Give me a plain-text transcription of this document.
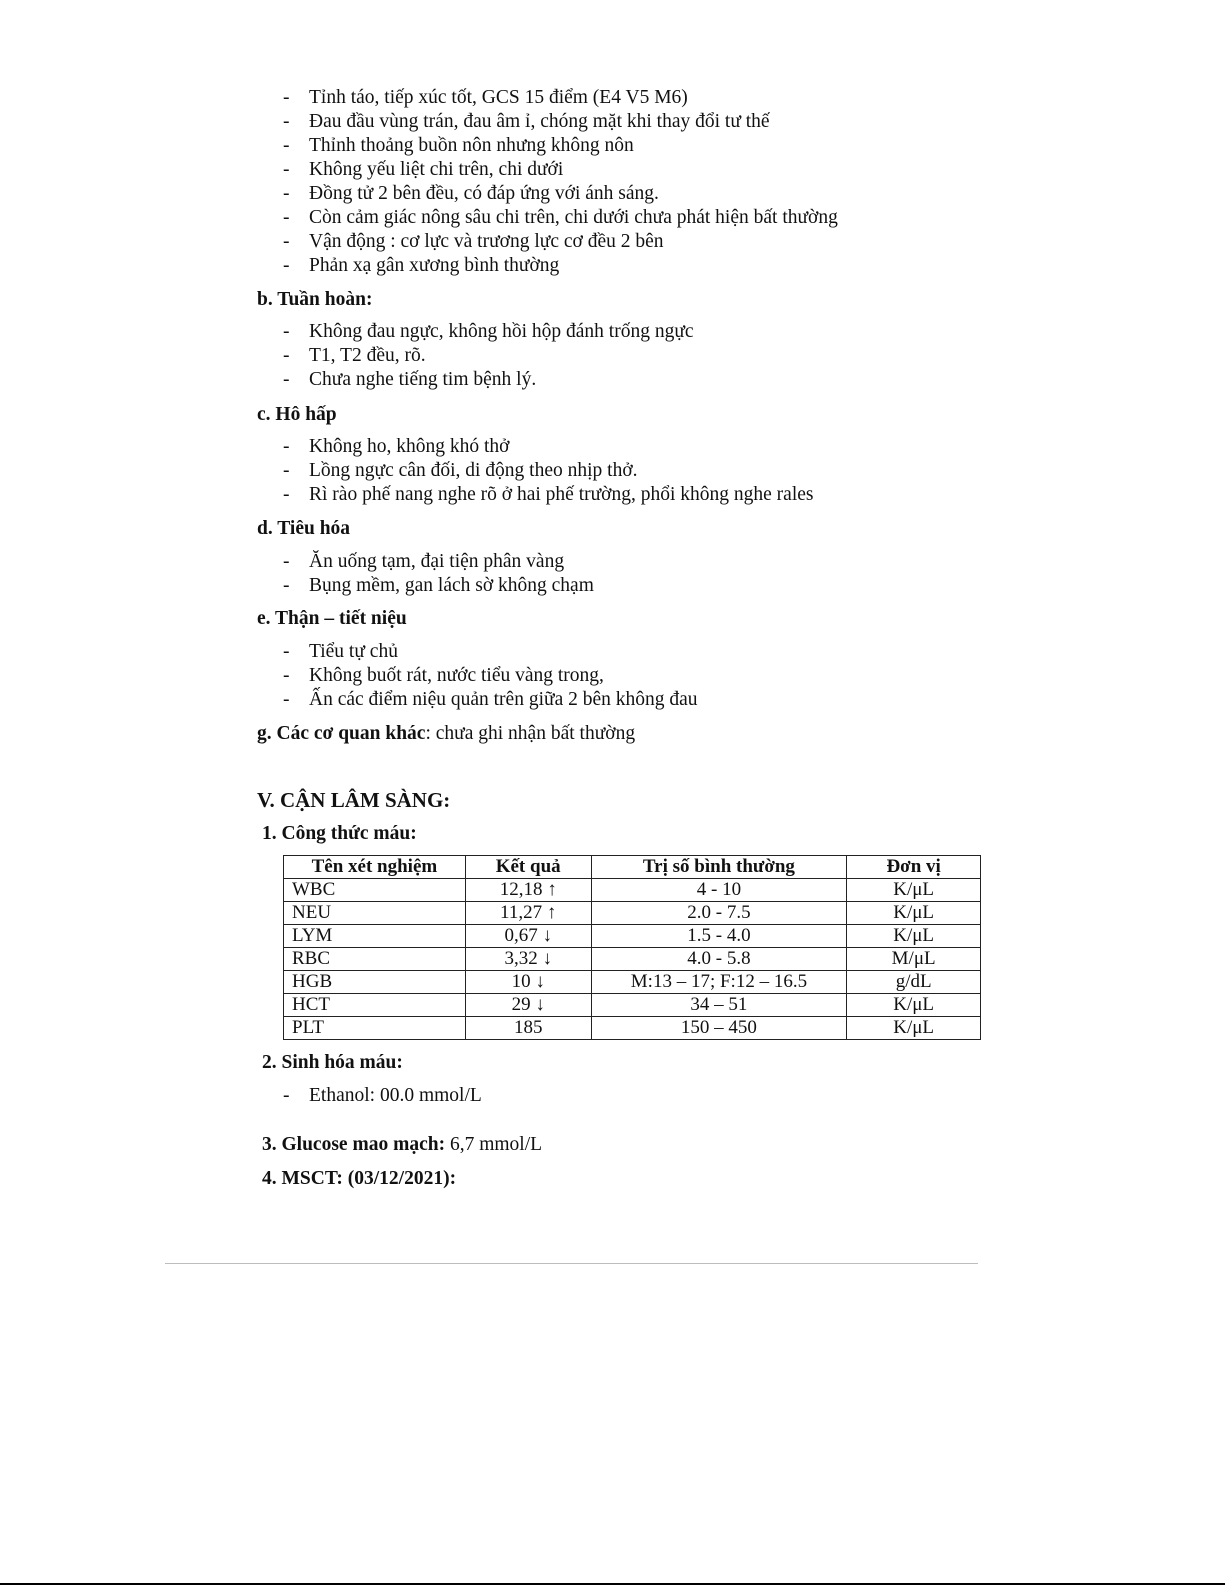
- Tỉnh táo, tiếp xúc tốt, GCS 15 điểm (E4 V5 M6)
- Đau đầu vùng trán, đau âm ỉ, chóng mặt khi thay đổi tư thế
- Thỉnh thoảng buồn nôn nhưng không nôn
- Không yếu liệt chi trên, chi dưới
- Đồng tử 2 bên đều, có đáp ứng với ánh sáng.
- Còn cảm giác nông sâu chi trên, chi dưới chưa phát hiện bất thường
- Vận động : cơ lực và trương lực cơ đều 2 bên
- Phản xạ gân xương bình thường
b. Tuần hoàn:
- Không đau ngực, không hồi hộp đánh trống ngực
- T1, T2 đều, rõ.
- Chưa nghe tiếng tim bệnh lý.
c. Hô hấp
- Không ho, không khó thở
- Lồng ngực cân đối, di động theo nhịp thở.
- Rì rào phế nang nghe rõ ở hai phế trường, phổi không nghe rales
d. Tiêu hóa
- Ăn uống tạm, đại tiện phân vàng
- Bụng mềm, gan lách sờ không chạm
e. Thận – tiết niệu
- Tiểu tự chủ
- Không buốt rát, nước tiểu vàng trong,
- Ấn các điểm niệu quản trên giữa 2 bên không đau
g. Các cơ quan khác: chưa ghi nhận bất thường
V. CẬN LÂM SÀNG:
1. Công thức máu:
Tên xét nghiệm	Kết quả	Trị số bình thường	Đơn vị
WBC	12,18 ↑	4 - 10	K/μL
NEU	11,27 ↑	2.0 - 7.5	K/μL
LYM	0,67 ↓	1.5 - 4.0	K/μL
RBC	3,32 ↓	4.0 - 5.8	M/μL
HGB	10 ↓	M:13 – 17; F:12 – 16.5	g/dL
HCT	29 ↓	34 – 51	K/μL
PLT	185	150 – 450	K/μL
2. Sinh hóa máu:
- Ethanol: 00.0 mmol/L
3. Glucose mao mạch: 6,7 mmol/L
4. MSCT: (03/12/2021):
